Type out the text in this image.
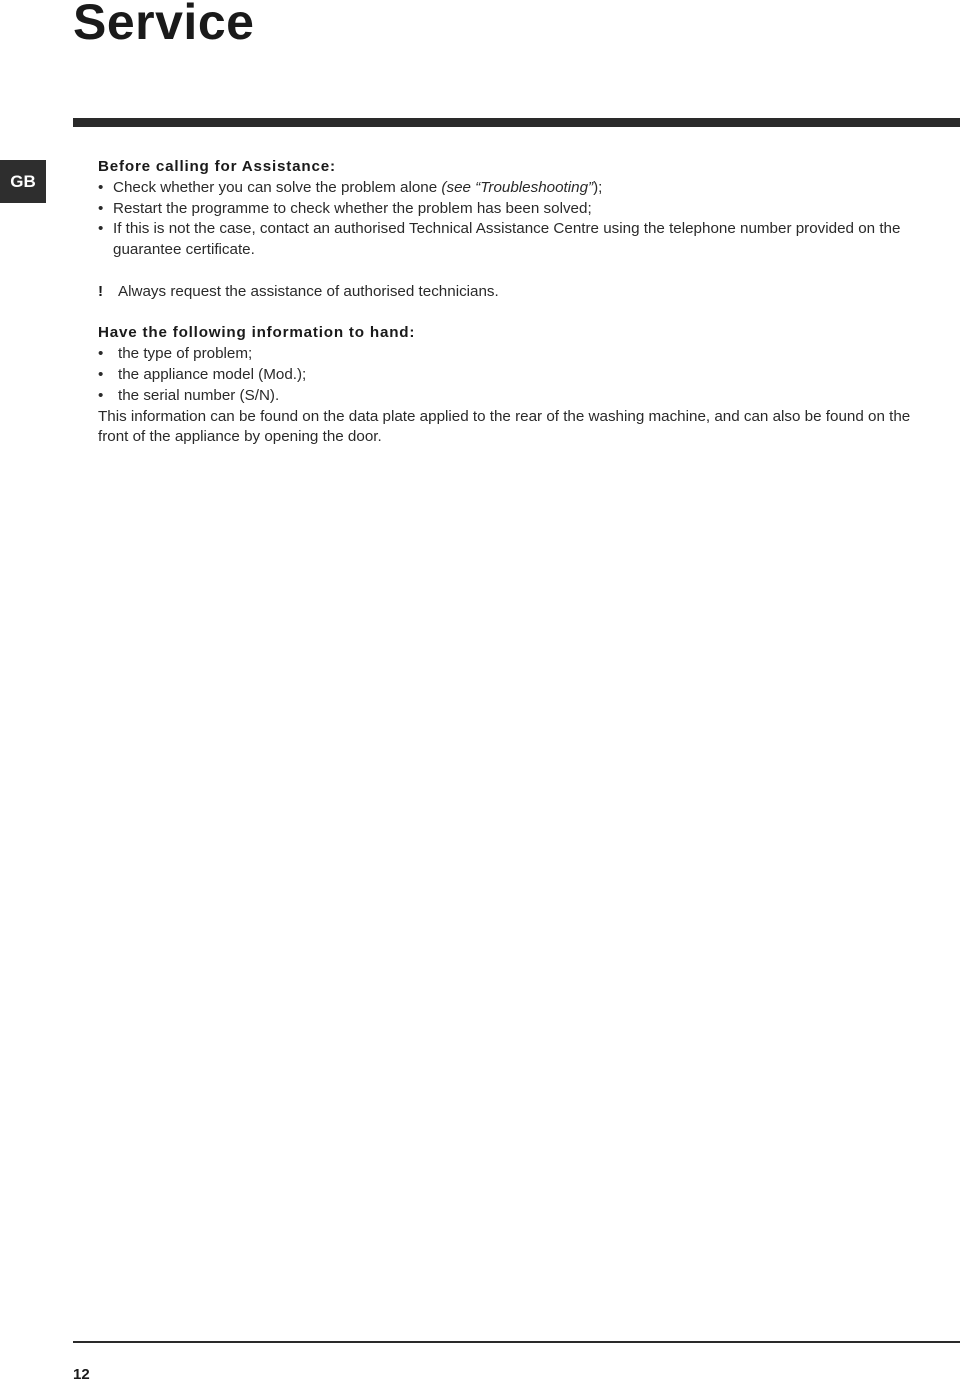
Service
GB

Before calling for Assistance:

• Check whether you can solve the problem alone (see “Troubleshooting”);
• Restart the programme to check whether the problem has been solved;
• If this is not the case, contact an authorised Technical Assistance Centre using the telephone number provided on the guarantee certificate.
! Always request the assistance of authorised technicians.

Have the following information to hand:

• the type of problem;
• the appliance model (Mod.);
• the serial number (S/N).

This information can be found on the data plate applied to the rear of the washing machine, and can also be found on the front of the appliance by opening the door.

12
